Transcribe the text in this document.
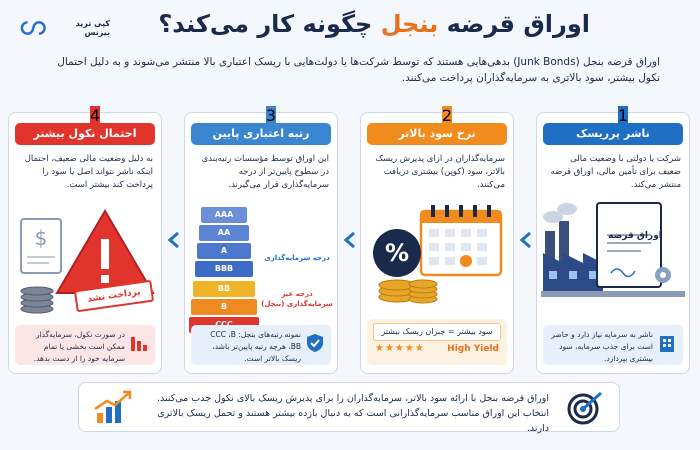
اوراق قرضه بنجل چگونه کار می‌کند؟
کپی ترید بیزنس
اوراق قرضه بنجل (Junk Bonds) بدهی‌هایی هستند که توسط شرکت‌ها یا دولت‌هایی با ریسک اعتباری بالا منتشر می‌شوند و به دلیل احتمال نکول بیشتر، سود بالاتری به سرمایه‌گذاران پرداخت می‌کنند.
ناشر پرریسک
شرکت یا دولتی با وضعیت مالی ضعیف برای تأمین مالی، اوراق قرضه منتشر می‌کند.
اوراق قرضه
ناشر به سرمایه نیاز دارد و حاضر است برای جذب سرمایه، سود بیشتری بپردازد.
1
نرخ سود بالاتر
سرمایه‌گذاران در ازای پذیرش ریسک بالاتر، سود (کوپن) بیشتری دریافت می‌کنند.
%
سود بیشتر = جبران ریسک بیشتر
High Yield
★★★★★
2
رتبه اعتباری پایین
این اوراق توسط مؤسسات رتبه‌بندی در سطوح پایین‌تر از درجه سرمایه‌گذاری قرار می‌گیرند.
AAA
AA
A
BBB
BB
B
درجه سرمایه‌گذاری
درجه غیر سرمایه‌گذاری (بنجل)
نمونه رتبه‌های بنجل: CCC ،B ،BB هرچه رتبه پایین‌تر باشد، ریسک بالاتر است.
3
احتمال نکول بیشتر
به دلیل وضعیت مالی ضعیف، احتمال اینکه ناشر نتواند اصل یا سود را پرداخت کند بیشتر است.
$
پرداخت نشد
در صورت نکول، سرمایه‌گذار ممکن است بخشی یا تمام سرمایه خود را از دست بدهد.
4
اوراق قرضه بنجل با ارائه سود بالاتر، سرمایه‌گذاران را برای پذیرش ریسک بالای نکول جذب می‌کنند.
انتخاب این اوراق مناسب سرمایه‌گذارانی است که به دنبال بازده بیشتر هستند و تحمل ریسک بالاتری دارند.
